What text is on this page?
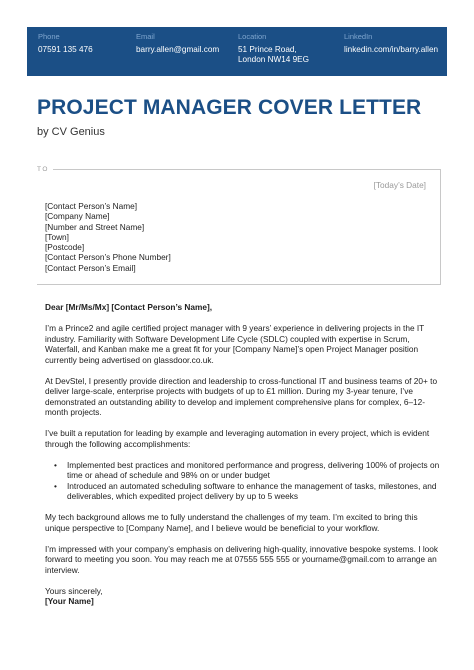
Phone
07591 135 476
Email
barry.allen@gmail.com
Location
51 Prince Road,
London NW14 9EG
LinkedIn
linkedin.com/in/barry.allen
PROJECT MANAGER COVER LETTER
by CV Genius
TO
[Today’s Date]
[Contact Person’s Name]
[Company Name]
[Number and Street Name]
[Town]
[Postcode]
[Contact Person’s Phone Number]
[Contact Person’s Email]

Dear [Mr/Ms/Mx] [Contact Person’s Name],

I’m a Prince2 and agile certified project manager with 9 years’ experience in delivering projects in the IT industry. Familiarity with Software Development Life Cycle (SDLC) coupled with expertise in Scrum, Waterfall, and Kanban make me a great fit for your [Company Name]’s open Project Manager position currently being advertised on glassdoor.co.uk.

At DevStel, I presently provide direction and leadership to cross-functional IT and business teams of 20+ to deliver large-scale, enterprise projects with budgets of up to £1 million. During my 3-year tenure, I’ve demonstrated an outstanding ability to develop and implement comprehensive plans for complex, 6–12-month projects.

I’ve built a reputation for leading by example and leveraging automation in every project, which is evident through the following accomplishments:

• Implemented best practices and monitored performance and progress, delivering 100% of projects on time or ahead of schedule and 98% on or under budget
• Introduced an automated scheduling software to enhance the management of tasks, milestones, and deliverables, which expedited project delivery by up to 5 weeks

My tech background allows me to fully understand the challenges of my team. I’m excited to bring this unique perspective to [Company Name], and I believe would be beneficial to your workflow.

I’m impressed with your company’s emphasis on delivering high-quality, innovative bespoke systems. I look forward to meeting you soon. You may reach me at 07555 555 555 or yourname@gmail.com to arrange an interview.

Yours sincerely,
[Your Name]
